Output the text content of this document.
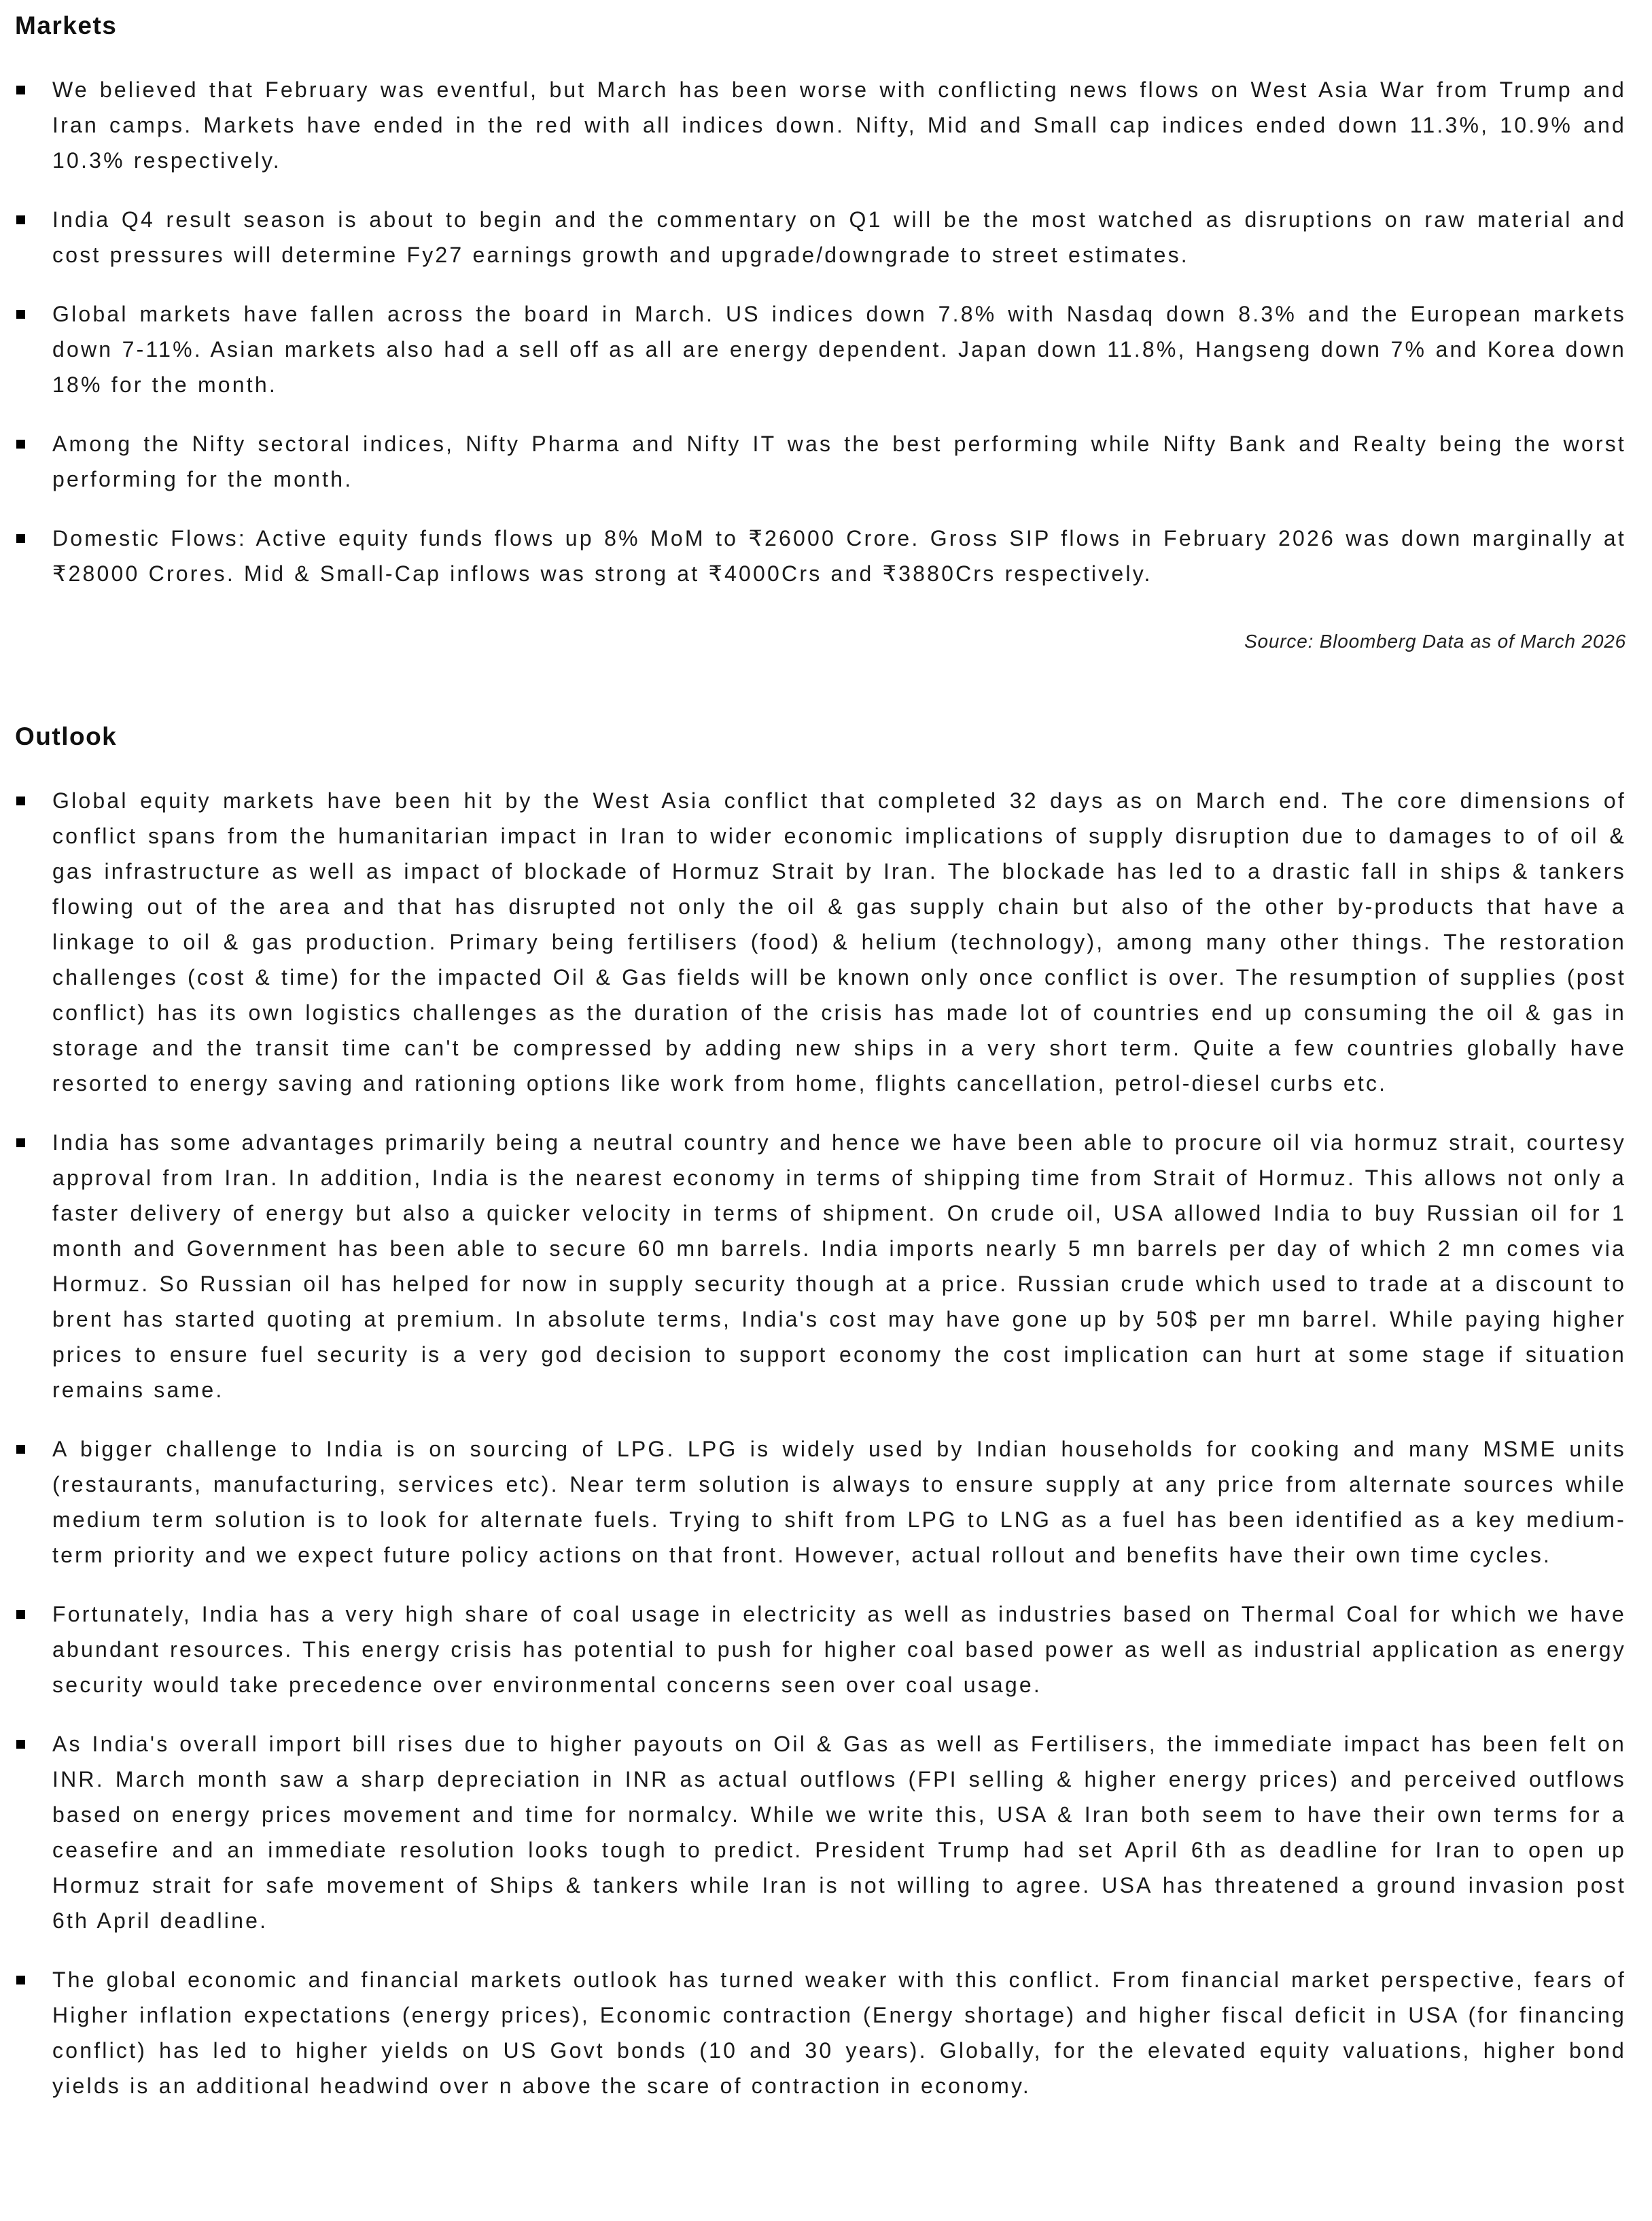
Markets

We believed that February was eventful, but March has been worse with conflicting news flows on West Asia War from Trump and Iran camps. Markets have ended in the red with all indices down. Nifty, Mid and Small cap indices ended down 11.3%, 10.9% and 10.3% respectively.

India Q4 result season is about to begin and the commentary on Q1 will be the most watched as disruptions on raw material and cost pressures will determine Fy27 earnings growth and upgrade/downgrade to street estimates.

Global markets have fallen across the board in March. US indices down 7.8% with Nasdaq down 8.3% and the European markets down 7-11%. Asian markets also had a sell off as all are energy dependent. Japan down 11.8%, Hangseng down 7% and Korea down 18% for the month.

Among the Nifty sectoral indices, Nifty Pharma and Nifty IT was the best performing while Nifty Bank and Realty being the worst performing for the month.

Domestic Flows: Active equity funds flows up 8% MoM to ₹26000 Crore. Gross SIP flows in February 2026 was down marginally at ₹28000 Crores. Mid & Small-Cap inflows was strong at ₹4000Crs and ₹3880Crs respectively.

Source: Bloomberg Data as of March 2026

Outlook

Global equity markets have been hit by the West Asia conflict that completed 32 days as on March end. The core dimensions of conflict spans from the humanitarian impact in Iran to wider economic implications of supply disruption due to damages to of oil & gas infrastructure as well as impact of blockade of Hormuz Strait by Iran. The blockade has led to a drastic fall in ships & tankers flowing out of the area and that has disrupted not only the oil & gas supply chain but also of the other by-products that have a linkage to oil & gas production. Primary being fertilisers (food) & helium (technology), among many other things. The restoration challenges (cost & time) for the impacted Oil & Gas fields will be known only once conflict is over. The resumption of supplies (post conflict) has its own logistics challenges as the duration of the crisis has made lot of countries end up consuming the oil & gas in storage and the transit time can't be compressed by adding new ships in a very short term. Quite a few countries globally have resorted to energy saving and rationing options like work from home, flights cancellation, petrol-diesel curbs etc.

India has some advantages primarily being a neutral country and hence we have been able to procure oil via hormuz strait, courtesy approval from Iran. In addition, India is the nearest economy in terms of shipping time from Strait of Hormuz. This allows not only a faster delivery of energy but also a quicker velocity in terms of shipment. On crude oil, USA allowed India to buy Russian oil for 1 month and Government has been able to secure 60 mn barrels. India imports nearly 5 mn barrels per day of which 2 mn comes via Hormuz. So Russian oil has helped for now in supply security though at a price. Russian crude which used to trade at a discount to brent has started quoting at premium. In absolute terms, India's cost may have gone up by 50$ per mn barrel. While paying higher prices to ensure fuel security is a very god decision to support economy the cost implication can hurt at some stage if situation remains same.

A bigger challenge to India is on sourcing of LPG. LPG is widely used by Indian households for cooking and many MSME units (restaurants, manufacturing, services etc). Near term solution is always to ensure supply at any price from alternate sources while medium term solution is to look for alternate fuels. Trying to shift from LPG to LNG as a fuel has been identified as a key medium-term priority and we expect future policy actions on that front. However, actual rollout and benefits have their own time cycles.

Fortunately, India has a very high share of coal usage in electricity as well as industries based on Thermal Coal for which we have abundant resources. This energy crisis has potential to push for higher coal based power as well as industrial application as energy security would take precedence over environmental concerns seen over coal usage.

As India's overall import bill rises due to higher payouts on Oil & Gas as well as Fertilisers, the immediate impact has been felt on INR. March month saw a sharp depreciation in INR as actual outflows (FPI selling & higher energy prices) and perceived outflows based on energy prices movement and time for normalcy. While we write this, USA & Iran both seem to have their own terms for a ceasefire and an immediate resolution looks tough to predict. President Trump had set April 6th as deadline for Iran to open up Hormuz strait for safe movement of Ships & tankers while Iran is not willing to agree. USA has threatened a ground invasion post 6th April deadline.

The global economic and financial markets outlook has turned weaker with this conflict. From financial market perspective, fears of Higher inflation expectations (energy prices), Economic contraction (Energy shortage) and higher fiscal deficit in USA (for financing conflict) has led to higher yields on US Govt bonds (10 and 30 years). Globally, for the elevated equity valuations, higher bond yields is an additional headwind over n above the scare of contraction in economy.
